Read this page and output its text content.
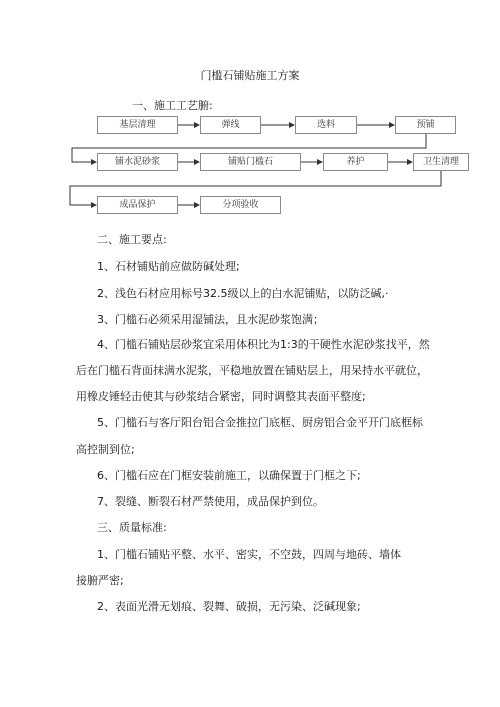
门槛石铺贴施工方案
一、施工工艺腑:
基层清理	弹线	选料	预铺
铺水泥砂浆	铺贴门槛石	养护	卫生清理
成品保护	分项验收
二、施工要点:
1、石材铺贴前应做防碱处理;
2、浅色石材应用标号32.5级以上的白水泥铺贴，以防泛碱,·
3、门槛石必须采用湿铺法，且水泥砂浆饱满；
4、门槛石铺贴层砂浆宜采用体积比为1:3的干硬性水泥砂浆找平，然
后在门槛石背面抹满水泥浆，平稳地放置在铺贴层上，用呆持水平就位，
用橡皮锤轻击使其与砂浆结合紧密，同时调整其表面平整度;
5、门槛石与客厅阳台铝合金推拉门底框、厨房铝合金平开门底框标
高控制到位;
6、门槛石应在门框安装前施工，以确保置于门框之下;
7、裂缝、断裂石材严禁使用，成品保护到位。
三、质量标准:
1、门槛石铺贴平整、水平、密实，不空鼓，四周与地砖、墙体
接腑严密;
2、表面光滑无划痕、裂舞、破损，无污染、泛碱现象;
